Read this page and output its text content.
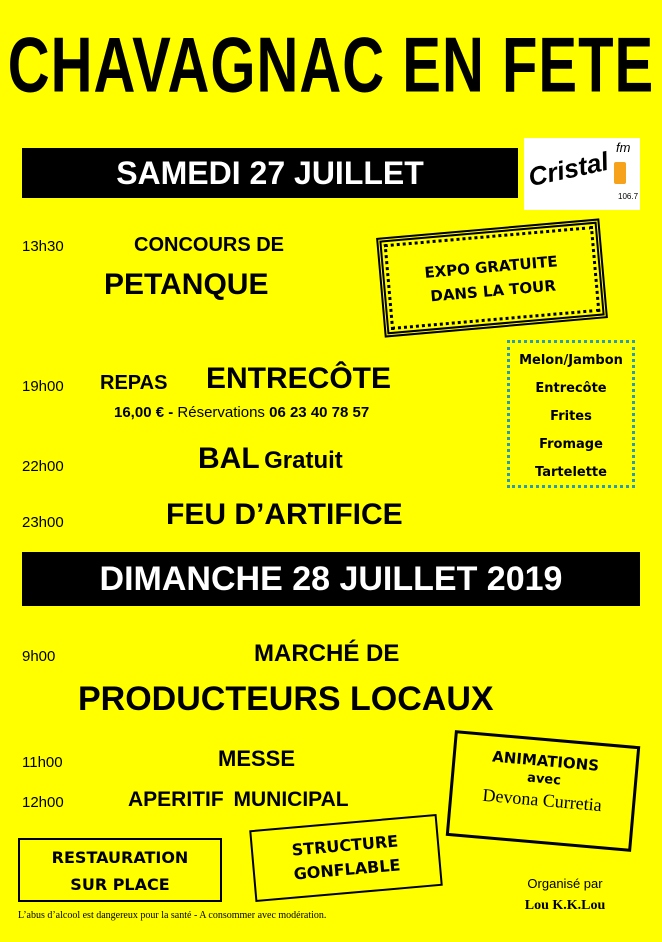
CHAVAGNAC EN FETE
SAMEDI 27 JUILLET	Cristal fm
106.7
13h30	CONCOURS DE
PETANQUE
19h00 REPAS ENTRECÔTE
16,00 € - Réservations 06 23 40 78 57
22h00	BAL Gratuit
23h00	FEU D’ARTIFICE
EXPO GRATUITE
DANS LA TOUR
Melon/Jambon
Entrecôte
Frites
Fromage
Tartelette
DIMANCHE 28 JUILLET 2019
9h00	MARCHÉ DE
PRODUCTEURS LOCAUX
11h00	MESSE
12h00	APERITIF MUNICIPAL
ANIMATIONS
avec
Devona Curretia
RESTAURATION
SUR PLACE
STRUCTURE
GONFLABLE	Organisé par
Lou K.K.Lou
L’abus d’alcool est dangereux pour la santé - A consommer avec modération.
